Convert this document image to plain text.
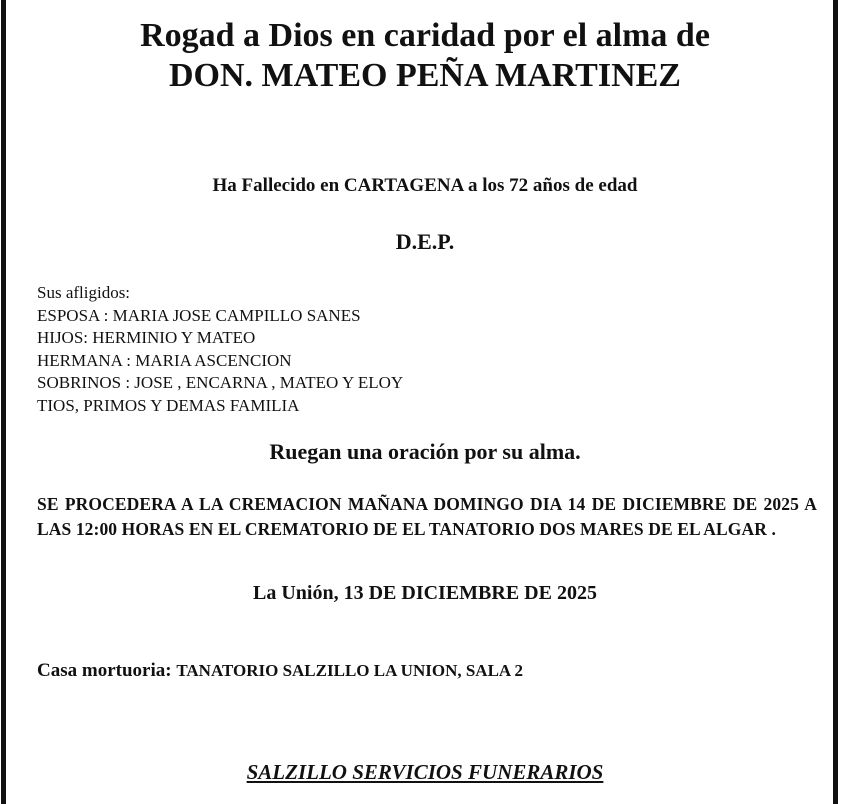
Rogad a Dios en caridad por el alma de
DON. MATEO PEÑA MARTINEZ
Ha Fallecido en CARTAGENA a los 72 años de edad
D.E.P.
Sus afligidos:
ESPOSA : MARIA JOSE CAMPILLO SANES
HIJOS: HERMINIO Y MATEO
HERMANA : MARIA ASCENCION
SOBRINOS : JOSE , ENCARNA , MATEO Y ELOY
TIOS, PRIMOS Y DEMAS FAMILIA
Ruegan una oración por su alma.
SE PROCEDERA A LA CREMACION MAÑANA DOMINGO DIA 14 DE DICIEMBRE DE 2025 A LAS 12:00 HORAS EN EL CREMATORIO DE EL TANATORIO DOS MARES DE EL ALGAR .
La Unión, 13 DE DICIEMBRE DE 2025
Casa mortuoria: TANATORIO SALZILLO LA UNION, SALA 2
SALZILLO SERVICIOS FUNERARIOS
